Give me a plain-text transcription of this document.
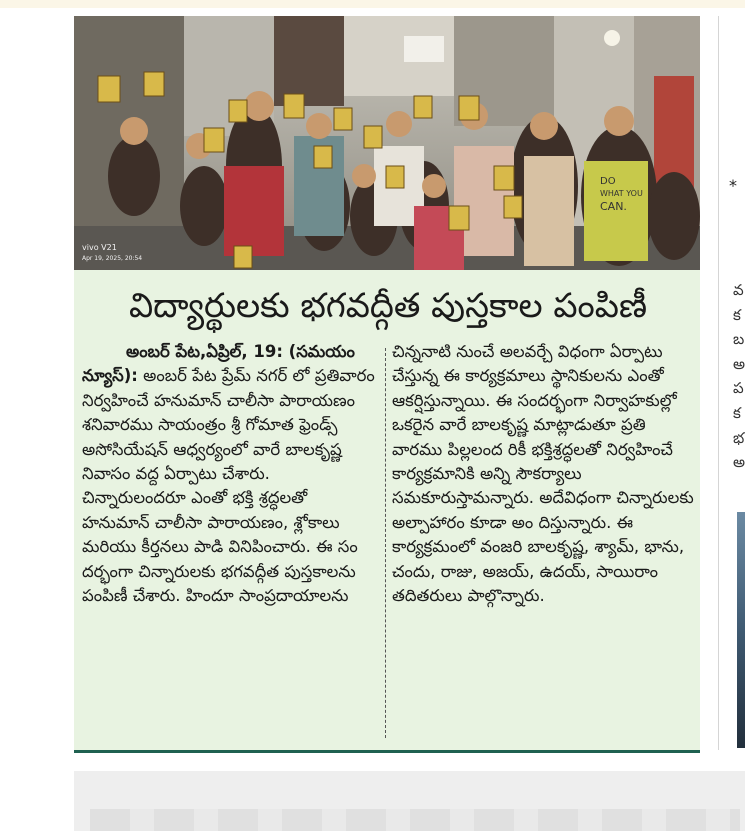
DO
WHAT YOU
CAN.
vivo V21
Apr 19, 2025, 20:54
విద్యార్థులకు భగవద్గీత పుస్తకాల పంపిణీ
అంబర్ పేట,ఏప్రిల్, 19: (సమయం న్యూస్): అంబర్ పేట ప్రేమ్ నగర్ లో ప్రతివారం నిర్వహించే హనుమాన్ చాలీసా పారాయణం శనివారము సాయంత్రం శ్రీ గోమాత ఫ్రెండ్స్ అసోసియేషన్ ఆధ్వర్యంలో వారే బాలకృష్ణ నివాసం వద్ద ఏర్పాటు చేశారు. చిన్నారులందరూ ఎంతో భక్తి శ్రద్ధలతో హనుమాన్ చాలీసా పారాయణం, శ్లోకాలు మరియు కీర్తనలు పాడి వినిపించారు. ఈ సం దర్భంగా చిన్నారులకు భగవద్గీత పుస్తకాలను పంపిణీ చేశారు. హిందూ సాంప్రదాయాలను
చిన్ననాటి నుంచే అలవర్చే విధంగా ఏర్పాటు చేస్తున్న ఈ కార్యక్రమాలు స్థానికులను ఎంతో ఆకర్షిస్తున్నాయి. ఈ సందర్భంగా నిర్వాహకుల్లో ఒకరైన వారే బాలకృష్ణ మాట్లాడుతూ ప్రతి వారము పిల్లలంద రికీ భక్తిశ్రద్ధలతో నిర్వహించే కార్యక్రమానికి అన్ని సౌకర్యాలు సమకూరుస్తామన్నారు. అదేవిధంగా చిన్నారులకు అల్పాహారం కూడా అం దిస్తున్నారు. ఈ కార్యక్రమంలో వంజరి బాలకృష్ణ, శ్యామ్, భాను, చందు, రాజు, అజయ్, ఉదయ్, సాయిరాం తదితరులు పాల్గొన్నారు.
*
వ
క
బ
అ
ప
క
భ
అ
